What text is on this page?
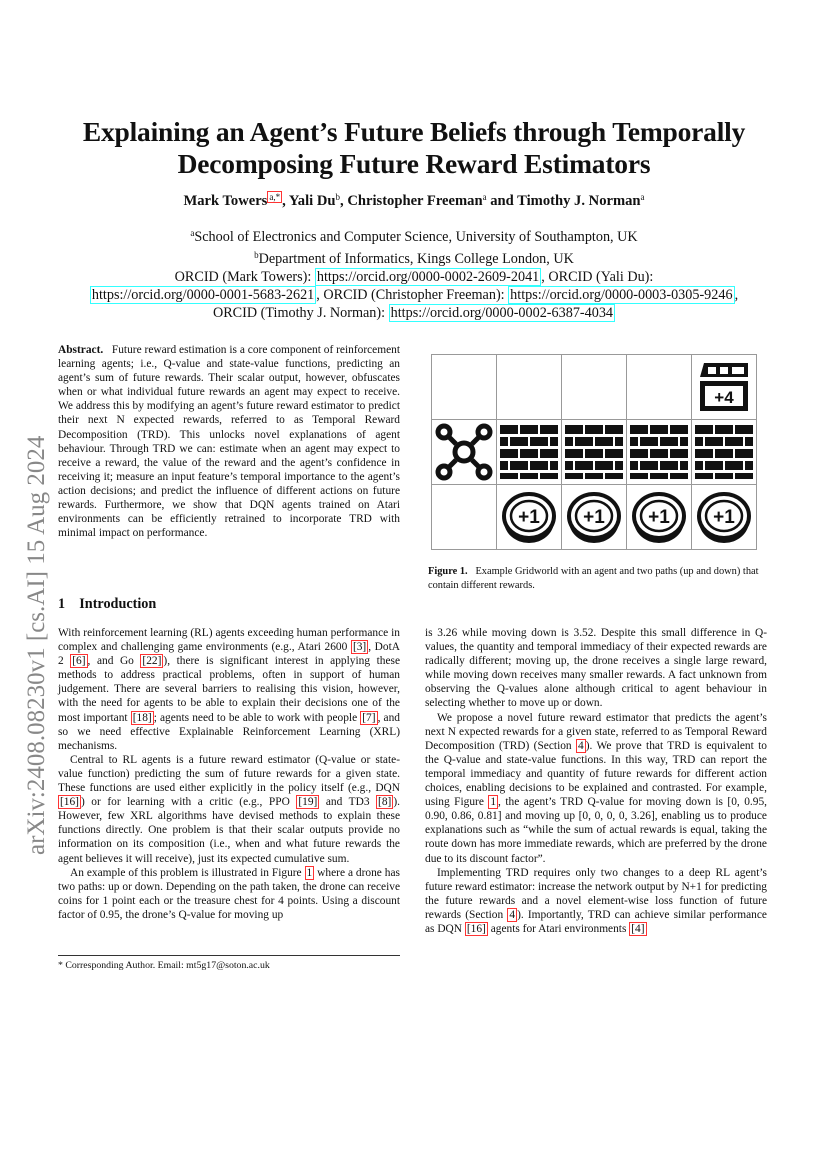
arXiv:2408.08230v1 [cs.AI] 15 Aug 2024
Explaining an Agent’s Future Beliefs through Temporally
Decomposing Future Reward Estimators
Mark Towers $^{a,*}$ , Yali Du$^b$, Christopher Freeman$^a$ and Timothy J. Norman$^a$
$^a$School of Electronics and Computer Science, University of Southampton, UK
$^b$Department of Informatics, Kings College London, UK
ORCID (Mark Towers): https://orcid.org/0000-0002-2609-2041 , ORCID (Yali Du):
https://orcid.org/0000-0001-5683-2621 , ORCID (Christopher Freeman): https://orcid.org/0000-0003-0305-9246 ,
ORCID (Timothy J. Norman): https://orcid.org/0000-0002-6387-4034

Abstract. Future reward estimation is a core component of reinforcement learning agents; i.e., Q-value and state-value functions, predicting an agent’s sum of future rewards. Their scalar output, however, obfuscates when or what individual future rewards an agent may expect to receive. We address this by modifying an agent’s future reward estimator to predict their next N expected rewards, referred to as Temporal Reward Decomposition (TRD). This unlocks novel explanations of agent behaviour. Through TRD we can: estimate when an agent may expect to receive a reward, the value of the reward and the agent’s confidence in receiving it; measure an input feature’s temporal importance to the agent’s action decisions; and predict the influence of different actions on future rewards. Furthermore, we show that DQN agents trained on Atari environments can be efficiently retrained to incorporate TRD with minimal impact on performance.

1 Introduction

With reinforcement learning (RL) agents exceeding human performance in complex and challenging game environments (e.g., Atari 2600 [3] , DotA 2 [6] , and Go [22] ), there is significant interest in applying these methods to address practical problems, often in support of human judgement. There are several barriers to realising this vision, however, with the need for agents to be able to explain their decisions one of the most important [18] ; agents need to be able to work with people [7] , and so we need effective Explainable Reinforcement Learning (XRL) mechanisms.

Central to RL agents is a future reward estimator (Q-value or state-value function) predicting the sum of future rewards for a given state. These functions are used either explicitly in the policy itself (e.g., DQN [16] ) or for learning with a critic (e.g., PPO [19] and TD3 [8] ). However, few XRL algorithms have devised methods to explain these functions directly. One problem is that their scalar outputs provide no information on its composition (i.e., when and what future rewards the agent believes it will receive), just its expected cumulative sum.

An example of this problem is illustrated in Figure 1 where a drone has two paths: up or down. Depending on the path taken, the drone can receive coins for 1 point each or the treasure chest for 4 points. Using a discount factor of 0.95, the drone’s Q-value for moving up

* Corresponding Author. Email: mt5g17@soton.ac.uk

+4

+1	+1	+1	+1
Figure 1. Example Gridworld with an agent and two paths (up and down) that contain different rewards.

is 3.26 while moving down is 3.52. Despite this small difference in Q-values, the quantity and temporal immediacy of their expected rewards are radically different; moving up, the drone receives a single large reward, while moving down receives many smaller rewards. A fact unknown from observing the Q-values alone although critical to agent behaviour in selecting whether to move up or down.

We propose a novel future reward estimator that predicts the agent’s next N expected rewards for a given state, referred to as Temporal Reward Decomposition (TRD) (Section 4 ). We prove that TRD is equivalent to the Q-value and state-value functions. In this way, TRD can report the temporal immediacy and quantity of future rewards for different action choices, enabling decisions to be explained and contrasted. For example, using Figure 1 , the agent’s TRD Q-value for moving down is [0, 0.95, 0.90, 0.86, 0.81] and moving up [0, 0, 0, 0, 3.26], enabling us to produce explanations such as “while the sum of actual rewards is equal, taking the route down has more immediate rewards, which are preferred by the drone due to its discount factor”.

Implementing TRD requires only two changes to a deep RL agent’s future reward estimator: increase the network output by N+1 for predicting the future rewards and a novel element-wise loss function of future rewards (Section 4 ). Importantly, TRD can achieve similar performance as DQN [16] agents for Atari environments [4]
